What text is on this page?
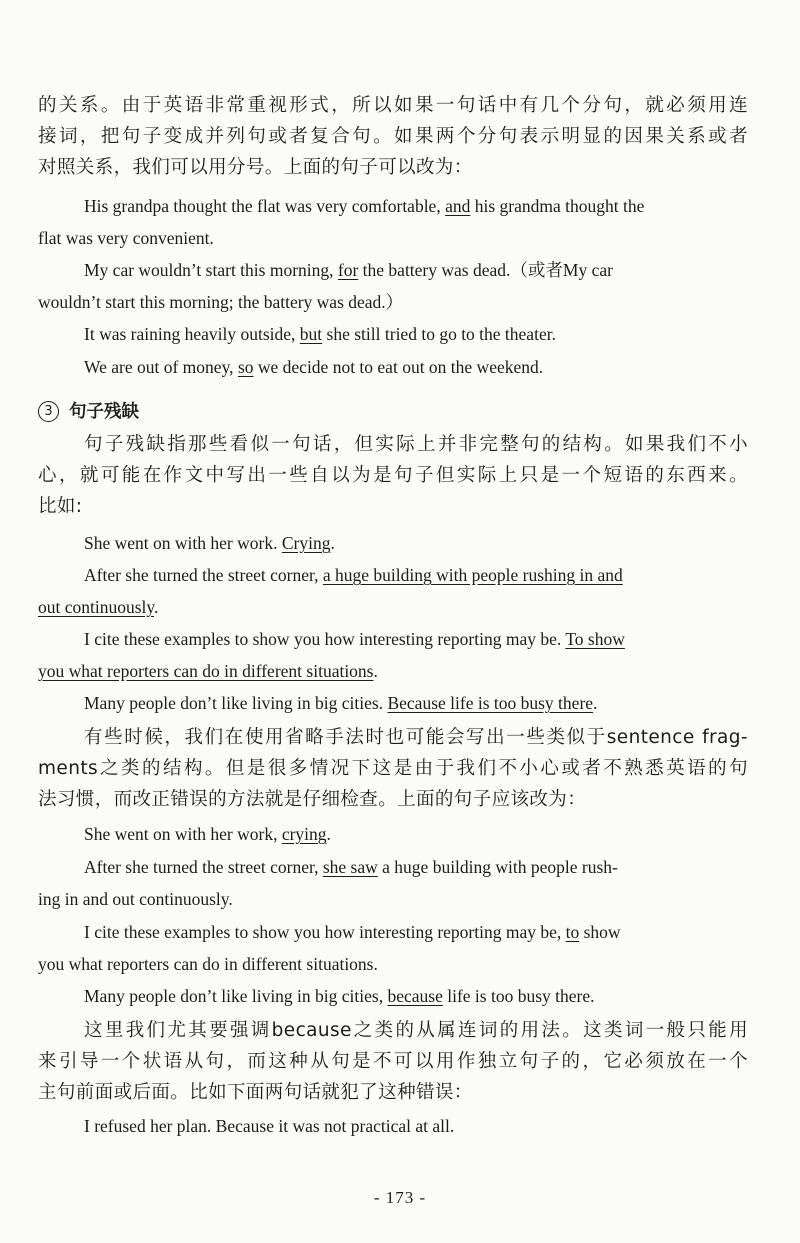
的关系。由于英语非常重视形式，所以如果一句话中有几个分句，就必须用连
接词，把句子变成并列句或者复合句。如果两个分句表示明显的因果关系或者
对照关系，我们可以用分号。上面的句子可以改为：

His grandpa thought the flat was very comfortable, and his grandma thought the
flat was very convenient.

My car wouldn’t start this morning, for the battery was dead.（或者My car
wouldn’t start this morning; the battery was dead.）

It was raining heavily outside, but she still tried to go to the theater.

We are out of money, so we decide not to eat out on the weekend.

3 句子残缺
句子残缺指那些看似一句话，但实际上并非完整句的结构。如果我们不小
心，就可能在作文中写出一些自以为是句子但实际上只是一个短语的东西来。
比如:

She went on with her work. Crying.

After she turned the street corner, a huge building with people rushing in and
out continuously.

I cite these examples to show you how interesting reporting may be. To show
you what reporters can do in different situations.

Many people don’t like living in big cities. Because life is too busy there.

有些时候，我们在使用省略手法时也可能会写出一些类似于sentence frag-
ments之类的结构。但是很多情况下这是由于我们不小心或者不熟悉英语的句
法习惯，而改正错误的方法就是仔细检查。上面的句子应该改为：

She went on with her work, crying.

After she turned the street corner, she saw a huge building with people rush-
ing in and out continuously.

I cite these examples to show you how interesting reporting may be, to show
you what reporters can do in different situations.

Many people don’t like living in big cities, because life is too busy there.

这里我们尤其要强调because之类的从属连词的用法。这类词一般只能用
来引导一个状语从句，而这种从句是不可以用作独立句子的，它必须放在一个
主句前面或后面。比如下面两句话就犯了这种错误：

I refused her plan. Because it was not practical at all.

- 173 -
